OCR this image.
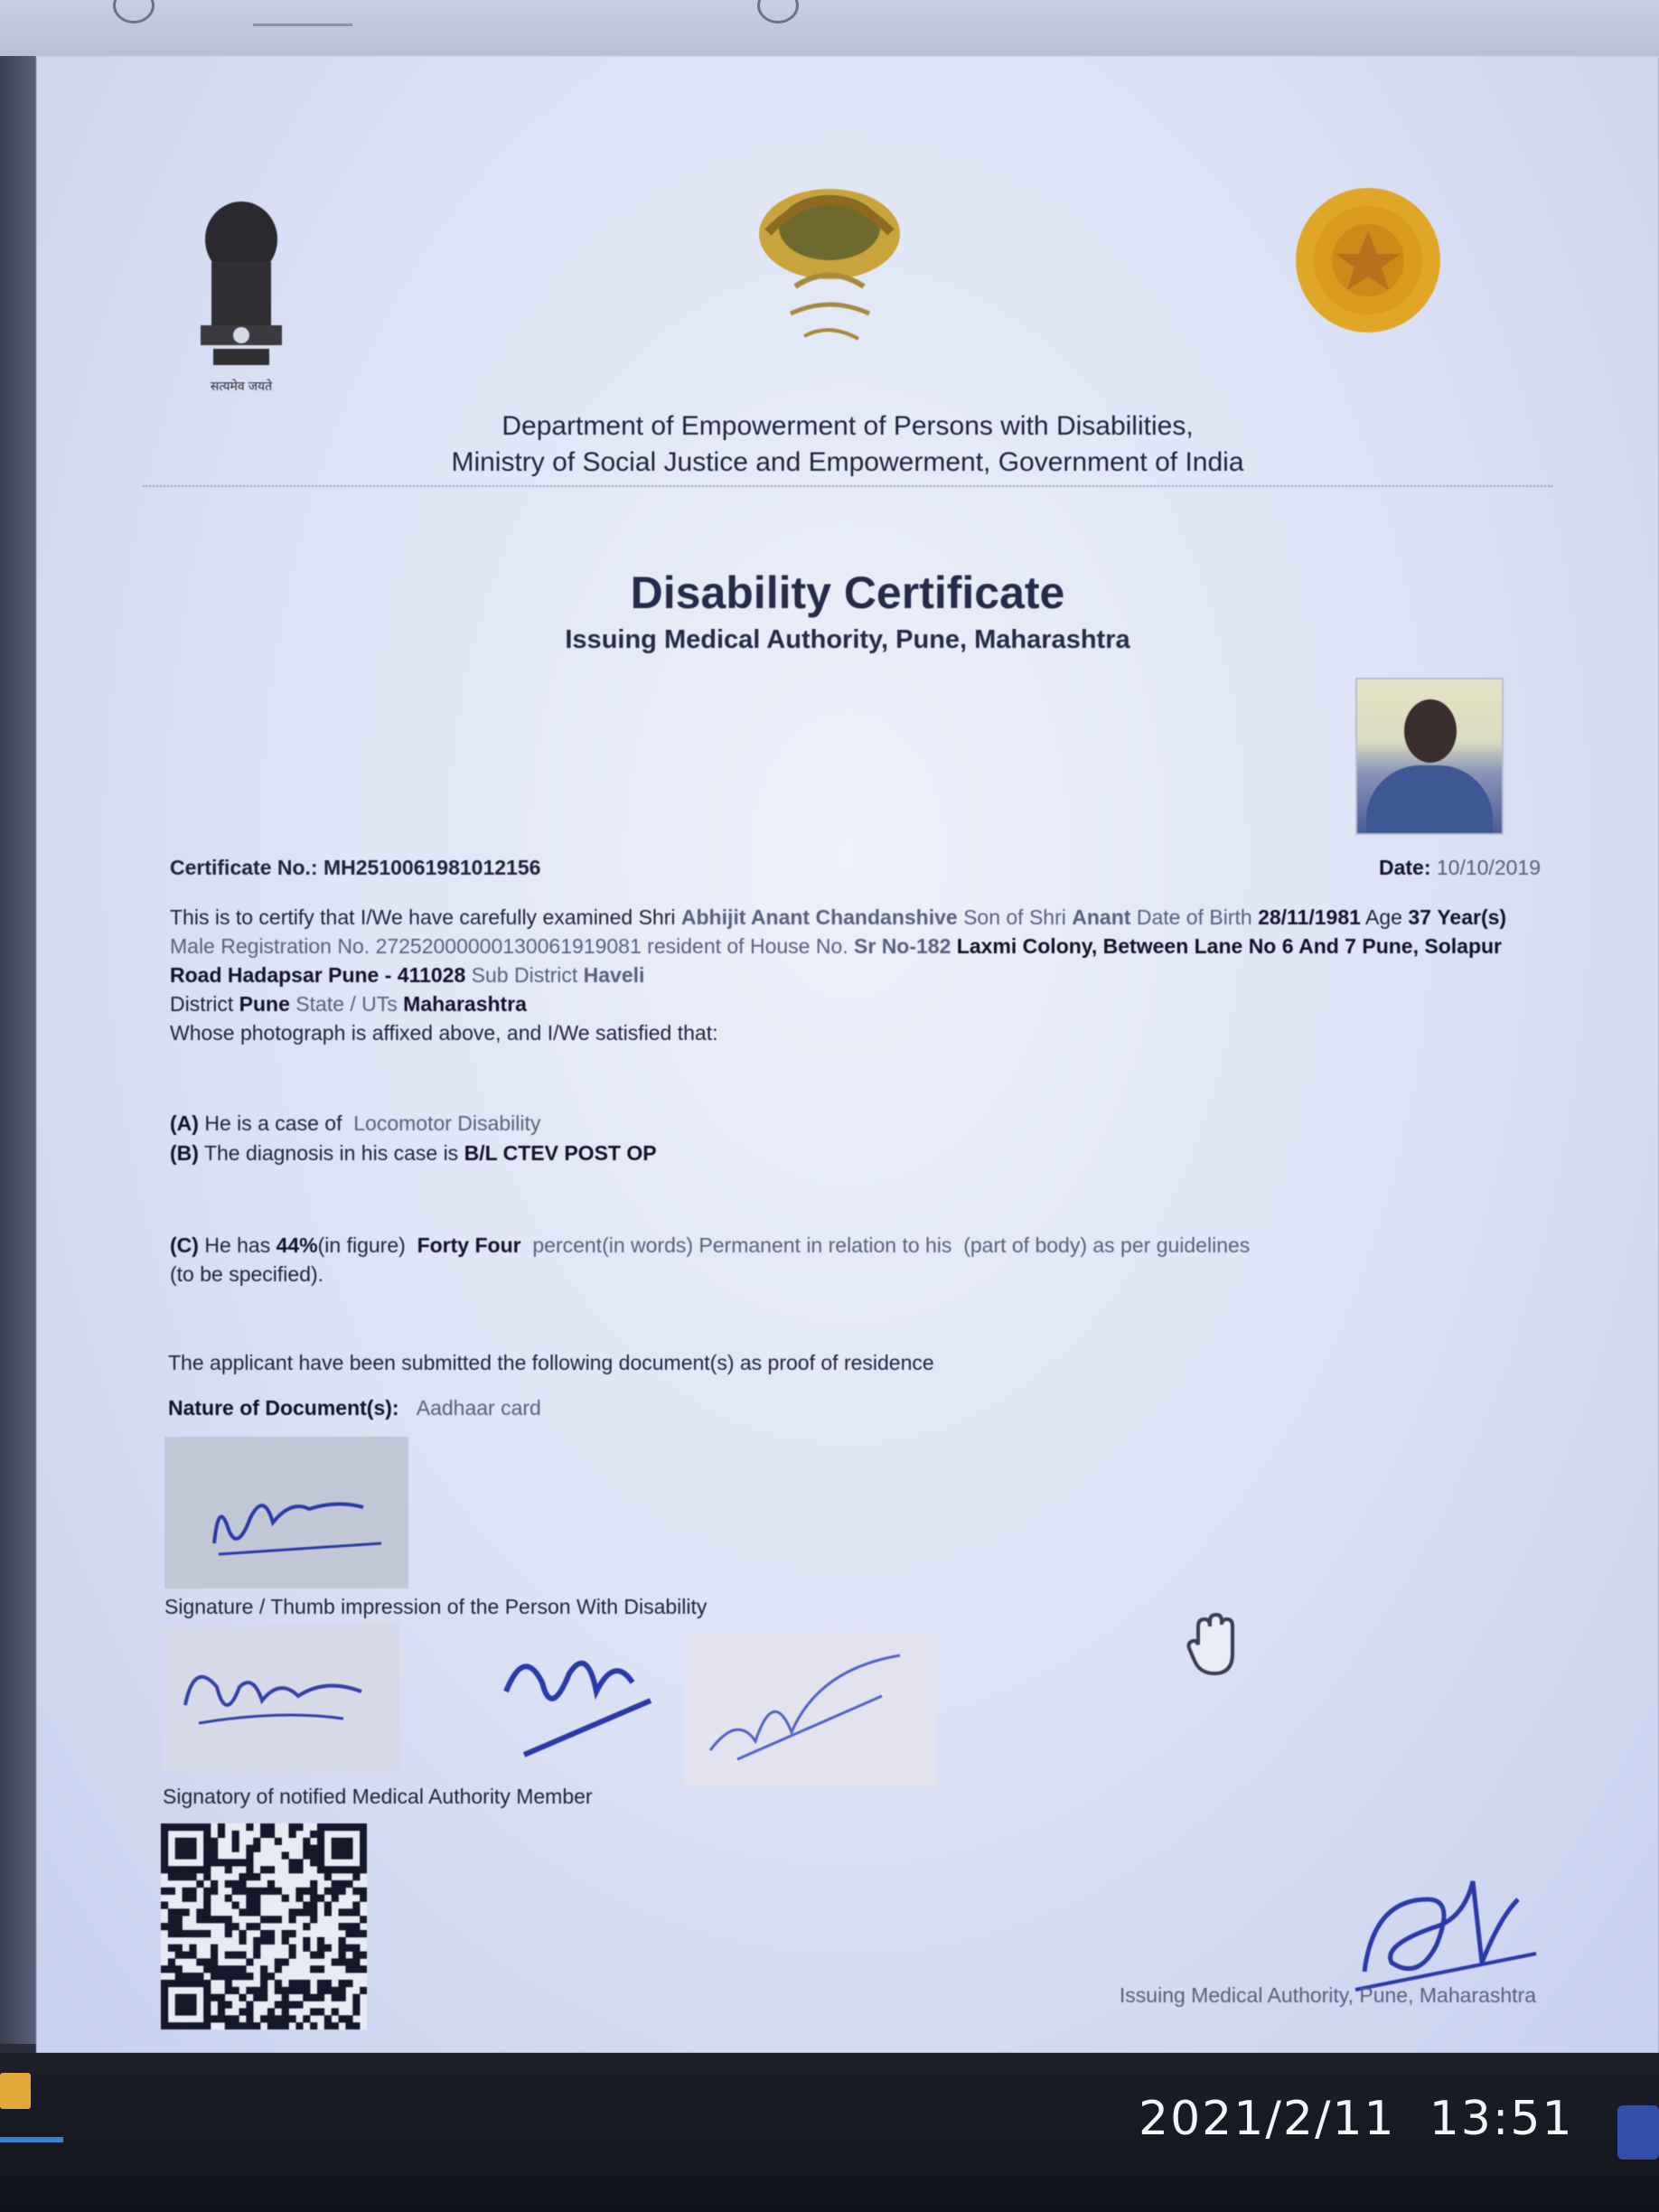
सत्यमेव जयते
Department of Empowerment of Persons with Disabilities,
Ministry of Social Justice and Empowerment, Government of India
Disability Certificate
Issuing Medical Authority, Pune, Maharashtra
Certificate No.: MH2510061981012156	Date: 10/10/2019
This is to certify that I/We have carefully examined Shri Abhijit Anant Chandanshive Son of Shri Anant Date of Birth 28/11/1981 Age 37 Year(s) Male Registration No. 27252000000130061919081 resident of House No. Sr No-182 Laxmi Colony, Between Lane No 6 And 7 Pune, Solapur Road Hadapsar Pune - 411028 Sub District Haveli
District Pune State / UTs Maharashtra
Whose photograph is affixed above, and I/We satisfied that:
(A) He is a case of Locomotor Disability
(B) The diagnosis in his case is B/L CTEV POST OP
(C) He has 44%(in figure) Forty Four percent(in words) Permanent in relation to his (part of body) as per guidelines
(to be specified).
The applicant have been submitted the following document(s) as proof of residence
Nature of Document(s): Aadhaar card
Signature / Thumb impression of the Person With Disability
Signatory of notified Medical Authority Member
Issuing Medical Authority, Pune, Maharashtra
2021/2/11 13:51
